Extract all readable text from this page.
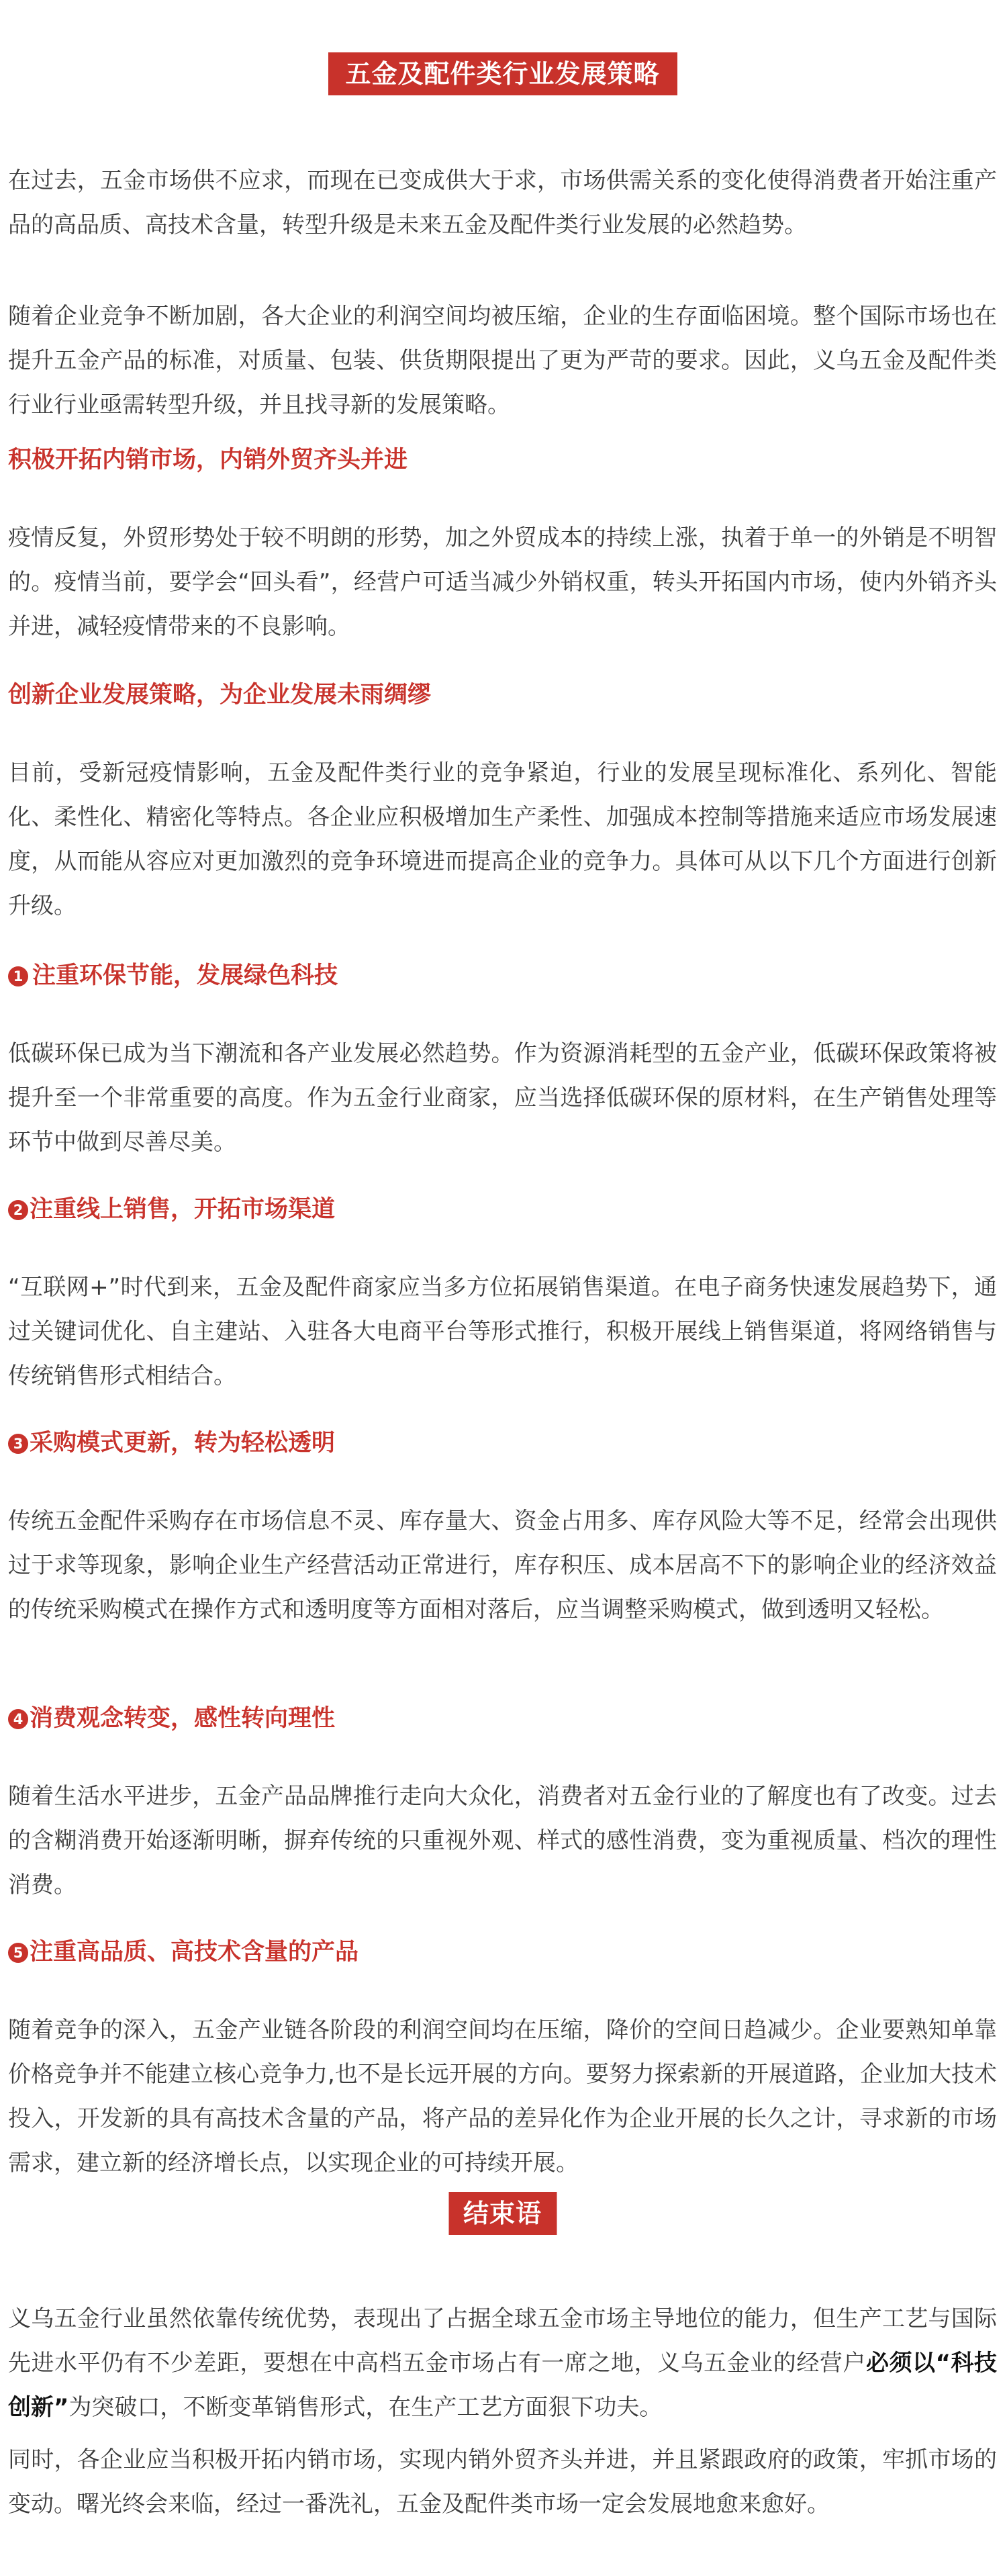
五金及配件类行业发展策略

在过去，五金市场供不应求，而现在已变成供大于求，市场供需关系的变化使得消费者开始注重产品的高品质、高技术含量，转型升级是未来五金及配件类行业发展的必然趋势。

随着企业竞争不断加剧，各大企业的利润空间均被压缩，企业的生存面临困境。整个国际市场也在提升五金产品的标准，对质量、包装、供货期限提出了更为严苛的要求。因此，义乌五金及配件类行业行业亟需转型升级，并且找寻新的发展策略。

积极开拓内销市场，内销外贸齐头并进

疫情反复，外贸形势处于较不明朗的形势，加之外贸成本的持续上涨，执着于单一的外销是不明智的。疫情当前，要学会“回头看”，经营户可适当减少外销权重，转头开拓国内市场，使内外销齐头并进，减轻疫情带来的不良影响。

创新企业发展策略，为企业发展未雨绸缪

目前，受新冠疫情影响，五金及配件类行业的竞争紧迫，行业的发展呈现标准化、系列化、智能化、柔性化、精密化等特点。各企业应积极增加生产柔性、加强成本控制等措施来适应市场发展速度，从而能从容应对更加激烈的竞争环境进而提高企业的竞争力。具体可从以下几个方面进行创新升级。

1 注重环保节能，发展绿色科技

低碳环保已成为当下潮流和各产业发展必然趋势。作为资源消耗型的五金产业，低碳环保政策将被提升至一个非常重要的高度。作为五金行业商家，应当选择低碳环保的原材料，在生产销售处理等环节中做到尽善尽美。

2 注重线上销售，开拓市场渠道

“互联网+”时代到来，五金及配件商家应当多方位拓展销售渠道。在电子商务快速发展趋势下，通过关键词优化、自主建站、入驻各大电商平台等形式推行，积极开展线上销售渠道，将网络销售与传统销售形式相结合。

3 采购模式更新，转为轻松透明

传统五金配件采购存在市场信息不灵、库存量大、资金占用多、库存风险大等不足，经常会出现供过于求等现象，影响企业生产经营活动正常进行，库存积压、成本居高不下的影响企业的经济效益的传统采购模式在操作方式和透明度等方面相对落后，应当调整采购模式，做到透明又轻松。

4 消费观念转变，感性转向理性

随着生活水平进步，五金产品品牌推行走向大众化，消费者对五金行业的了解度也有了改变。过去的含糊消费开始逐渐明晰，摒弃传统的只重视外观、样式的感性消费，变为重视质量、档次的理性消费。

5 注重高品质、高技术含量的产品

随着竞争的深入，五金产业链各阶段的利润空间均在压缩，降价的空间日趋减少。企业要熟知单靠价格竞争并不能建立核心竞争力,也不是长远开展的方向。要努力探索新的开展道路，企业加大技术投入，开发新的具有高技术含量的产品，将产品的差异化作为企业开展的长久之计，寻求新的市场需求，建立新的经济增长点，以实现企业的可持续开展。

结束语

义乌五金行业虽然依靠传统优势，表现出了占据全球五金市场主导地位的能力，但生产工艺与国际先进水平仍有不少差距，要想在中高档五金市场占有一席之地，义乌五金业的经营户必须以“科技创新”为突破口，不断变革销售形式，在生产工艺方面狠下功夫。

同时，各企业应当积极开拓内销市场，实现内销外贸齐头并进，并且紧跟政府的政策，牢抓市场的变动。曙光终会来临，经过一番洗礼，五金及配件类市场一定会发展地愈来愈好。
